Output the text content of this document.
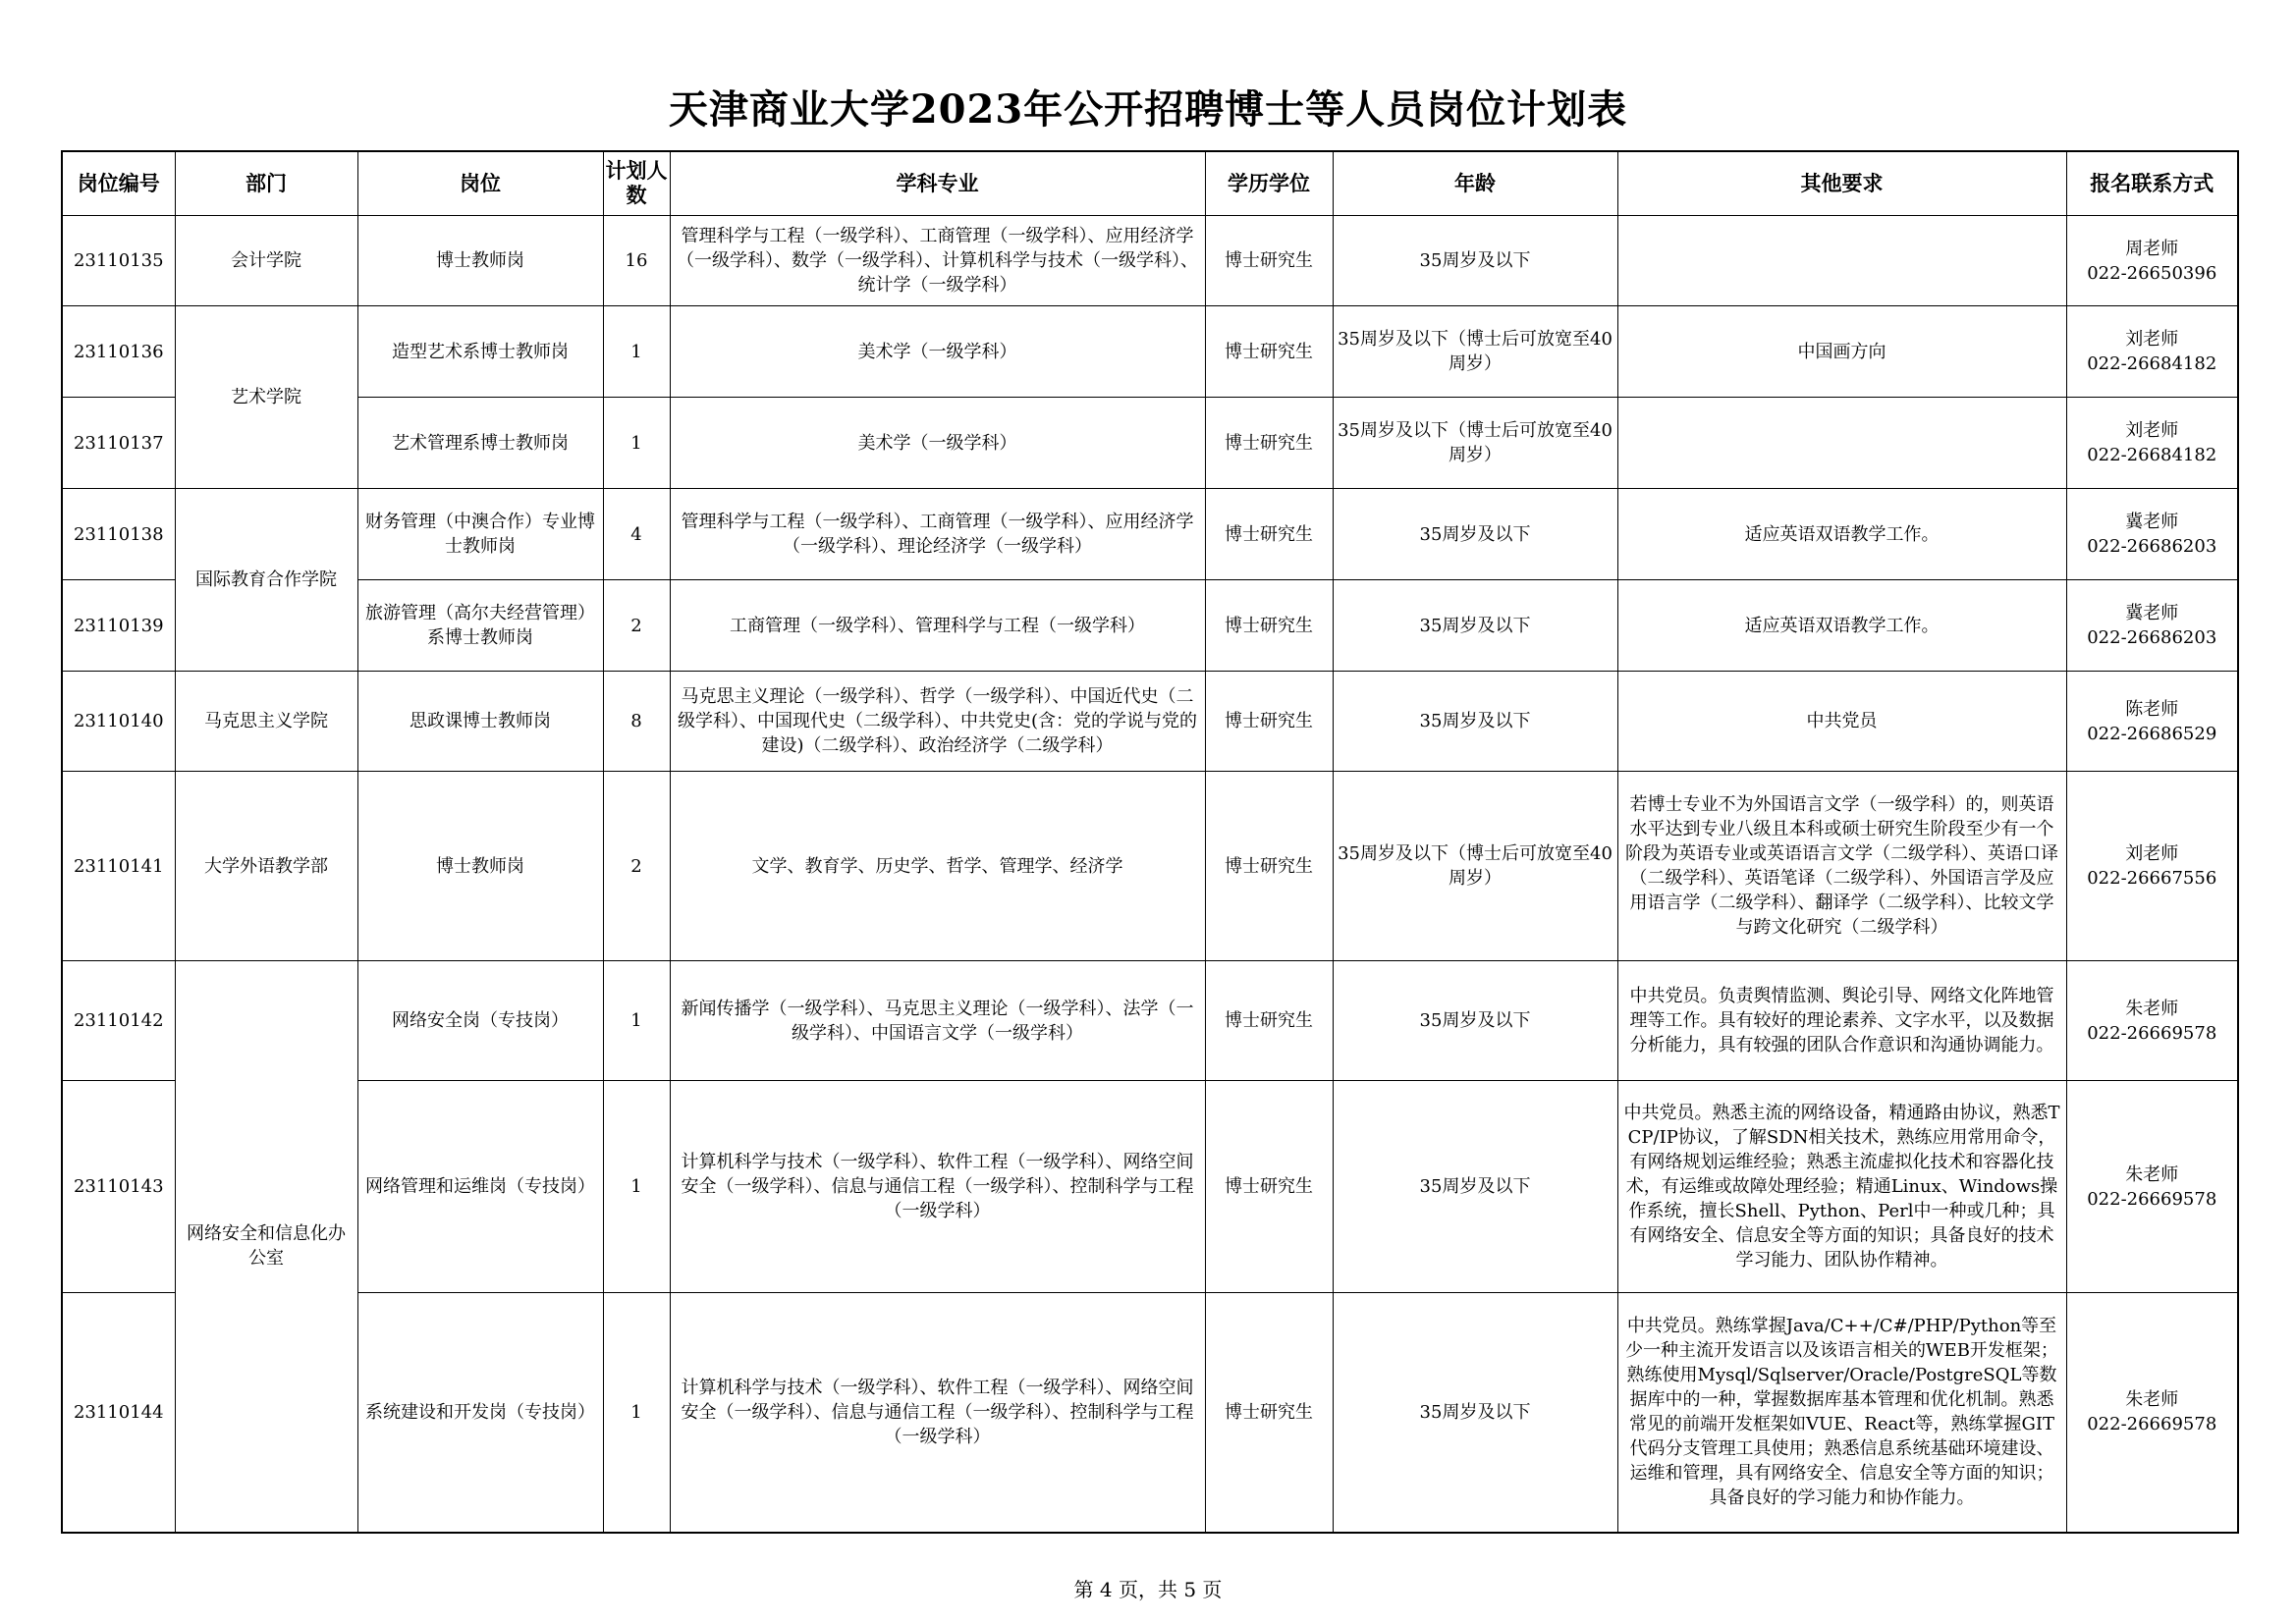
天津商业大学2023年公开招聘博士等人员岗位计划表
岗位编号	部门	岗位	计划人数	学科专业	学历学位	年龄	其他要求	报名联系方式
23110135	会计学院	博士教师岗	16	管理科学与工程（一级学科）、工商管理（一级学科）、应用经济学（一级学科）、数学（一级学科）、计算机科学与技术（一级学科）、统计学（一级学科）	博士研究生	35周岁及以下		周老师
022-26650396

23110136	艺术学院	造型艺术系博士教师岗	1	美术学（一级学科）	博士研究生	35周岁及以下（博士后可放宽至40周岁）	中国画方向	刘老师
022-26684182

23110137		艺术管理系博士教师岗	1	美术学（一级学科）	博士研究生	35周岁及以下（博士后可放宽至40周岁）		刘老师
022-26684182

23110138	国际教育合作学院	财务管理（中澳合作）专业博士教师岗	4	管理科学与工程（一级学科）、工商管理（一级学科）、应用经济学（一级学科）、理论经济学（一级学科）	博士研究生	35周岁及以下	适应英语双语教学工作。	冀老师
022-26686203

23110139		旅游管理（高尔夫经营管理）系博士教师岗	2	工商管理（一级学科）、管理科学与工程（一级学科）	博士研究生	35周岁及以下	适应英语双语教学工作。	冀老师
022-26686203

23110140	马克思主义学院	思政课博士教师岗	8	马克思主义理论（一级学科）、哲学（一级学科）、中国近代史（二级学科）、中国现代史（二级学科）、中共党史(含：党的学说与党的建设)（二级学科）、政治经济学（二级学科）	博士研究生	35周岁及以下	中共党员	陈老师
022-26686529

23110141	大学外语教学部	博士教师岗	2	文学、教育学、历史学、哲学、管理学、经济学	博士研究生	35周岁及以下（博士后可放宽至40周岁）	若博士专业不为外国语言文学（一级学科）的，则英语水平达到专业八级且本科或硕士研究生阶段至少有一个阶段为英语专业或英语语言文学（二级学科）、英语口译（二级学科）、英语笔译（二级学科）、外国语言学及应用语言学（二级学科）、翻译学（二级学科）、比较文学与跨文化研究（二级学科）	刘老师
022-26667556

23110142	网络安全和信息化办公室	网络安全岗（专技岗）	1	新闻传播学（一级学科）、马克思主义理论（一级学科）、法学（一级学科）、中国语言文学（一级学科）	博士研究生	35周岁及以下	中共党员。负责舆情监测、舆论引导、网络文化阵地管理等工作。具有较好的理论素养、文字水平，以及数据分析能力，具有较强的团队合作意识和沟通协调能力。	朱老师
022-26669578

23110143		网络管理和运维岗（专技岗）	1	计算机科学与技术（一级学科）、软件工程（一级学科）、网络空间安全（一级学科）、信息与通信工程（一级学科）、控制科学与工程（一级学科）	博士研究生	35周岁及以下	中共党员。熟悉主流的网络设备，精通路由协议，熟悉TCP/IP协议，了解SDN相关技术，熟练应用常用命令，有网络规划运维经验；熟悉主流虚拟化技术和容器化技术，有运维或故障处理经验；精通Linux、Windows操作系统，擅长Shell、Python、Perl中一种或几种；具有网络安全、信息安全等方面的知识；具备良好的技术学习能力、团队协作精神。	朱老师
022-26669578

23110144		系统建设和开发岗（专技岗）	1	计算机科学与技术（一级学科）、软件工程（一级学科）、网络空间安全（一级学科）、信息与通信工程（一级学科）、控制科学与工程（一级学科）	博士研究生	35周岁及以下	中共党员。熟练掌握Java/C++/C#/PHP/Python等至少一种主流开发语言以及该语言相关的WEB开发框架；熟练使用Mysql/Sqlserver/Oracle/PostgreSQL等数据库中的一种，掌握数据库基本管理和优化机制。熟悉常见的前端开发框架如VUE、React等，熟练掌握GIT代码分支管理工具使用；熟悉信息系统基础环境建设、运维和管理，具有网络安全、信息安全等方面的知识；具备良好的学习能力和协作能力。	朱老师
022-26669578
第 4 页，共 5 页
